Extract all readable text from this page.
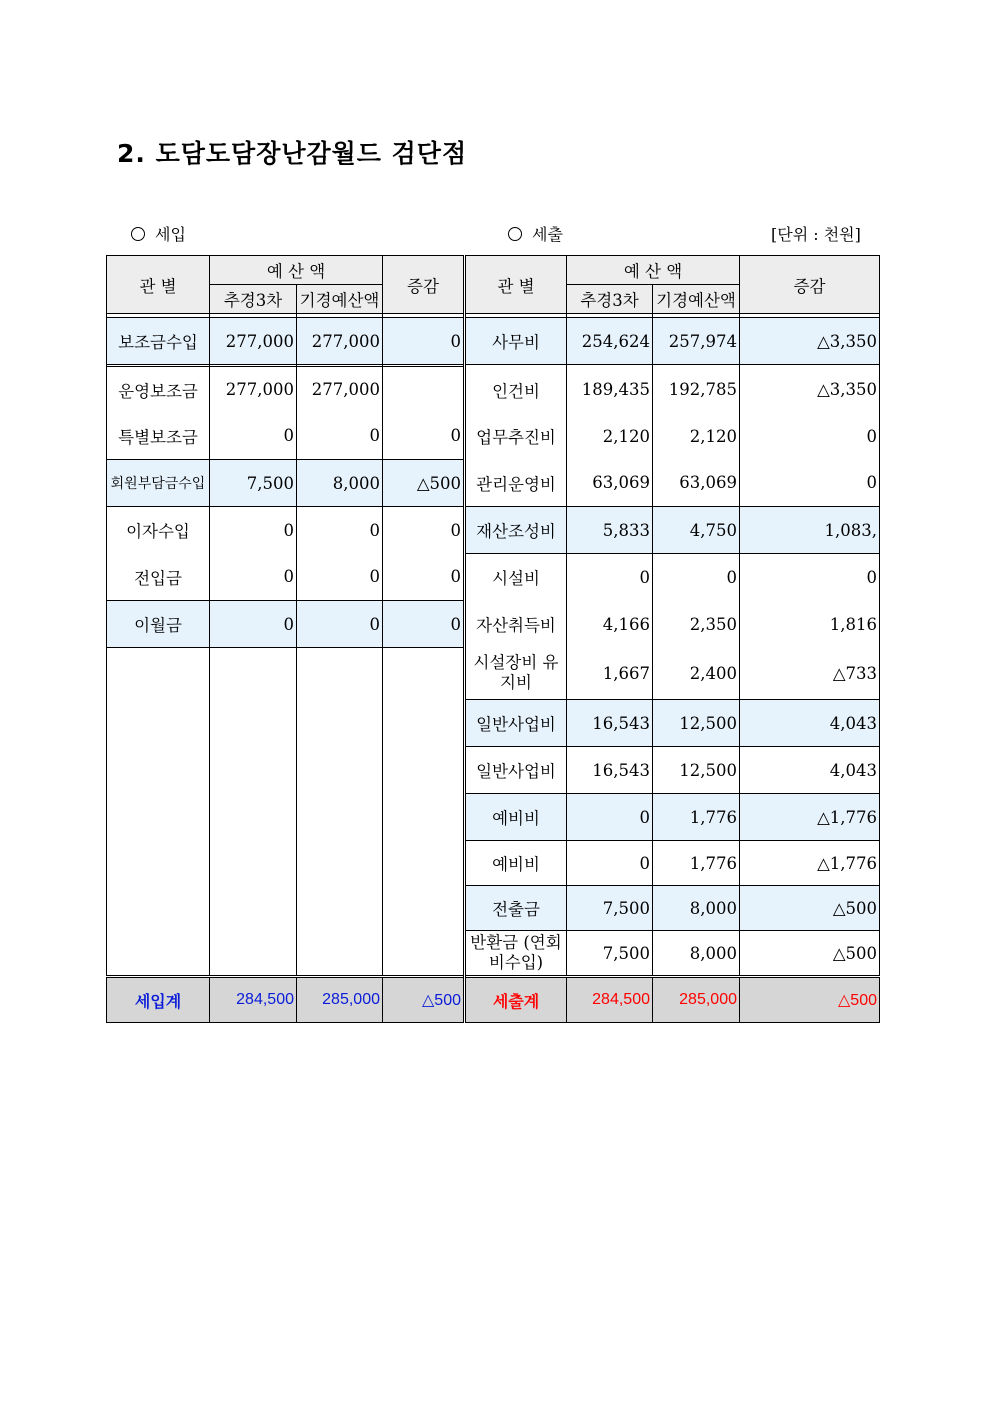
2. 도담도담장난감월드 검단점
세입	세출	[단위 : 천원]
관 별	예 산 액		증감	관 별	예 산 액		증감
	추경3차	기경예산액			추경3차	기경예산액	

보조금수입	277,000	277,000	0	사무비	254,624	257,974	△3,350

운영보조금	277,000	277,000		인건비	189,435	192,785	△3,350
특별보조금	0	0	0	업무추진비	2,120	2,120	0
회원부담금수입	7,500	8,000	△500	관리운영비	63,069	63,069	0
이자수입	0	0	0	재산조성비	5,833	4,750	1,083,
전입금	0	0	0	시설비	0	0	0
이월금	0	0	0	자산취득비	4,166	2,350	1,816
				시설장비 유지비	1,667	2,400	△733
				일반사업비	16,543	12,500	4,043
				일반사업비	16,543	12,500	4,043
				예비비	0	1,776	△1,776
				예비비	0	1,776	△1,776
				전출금	7,500	8,000	△500
				반환금 (연회비수입)	7,500	8,000	△500
세입계	284,500	285,000	△500	세출계	284,500	285,000	△500
